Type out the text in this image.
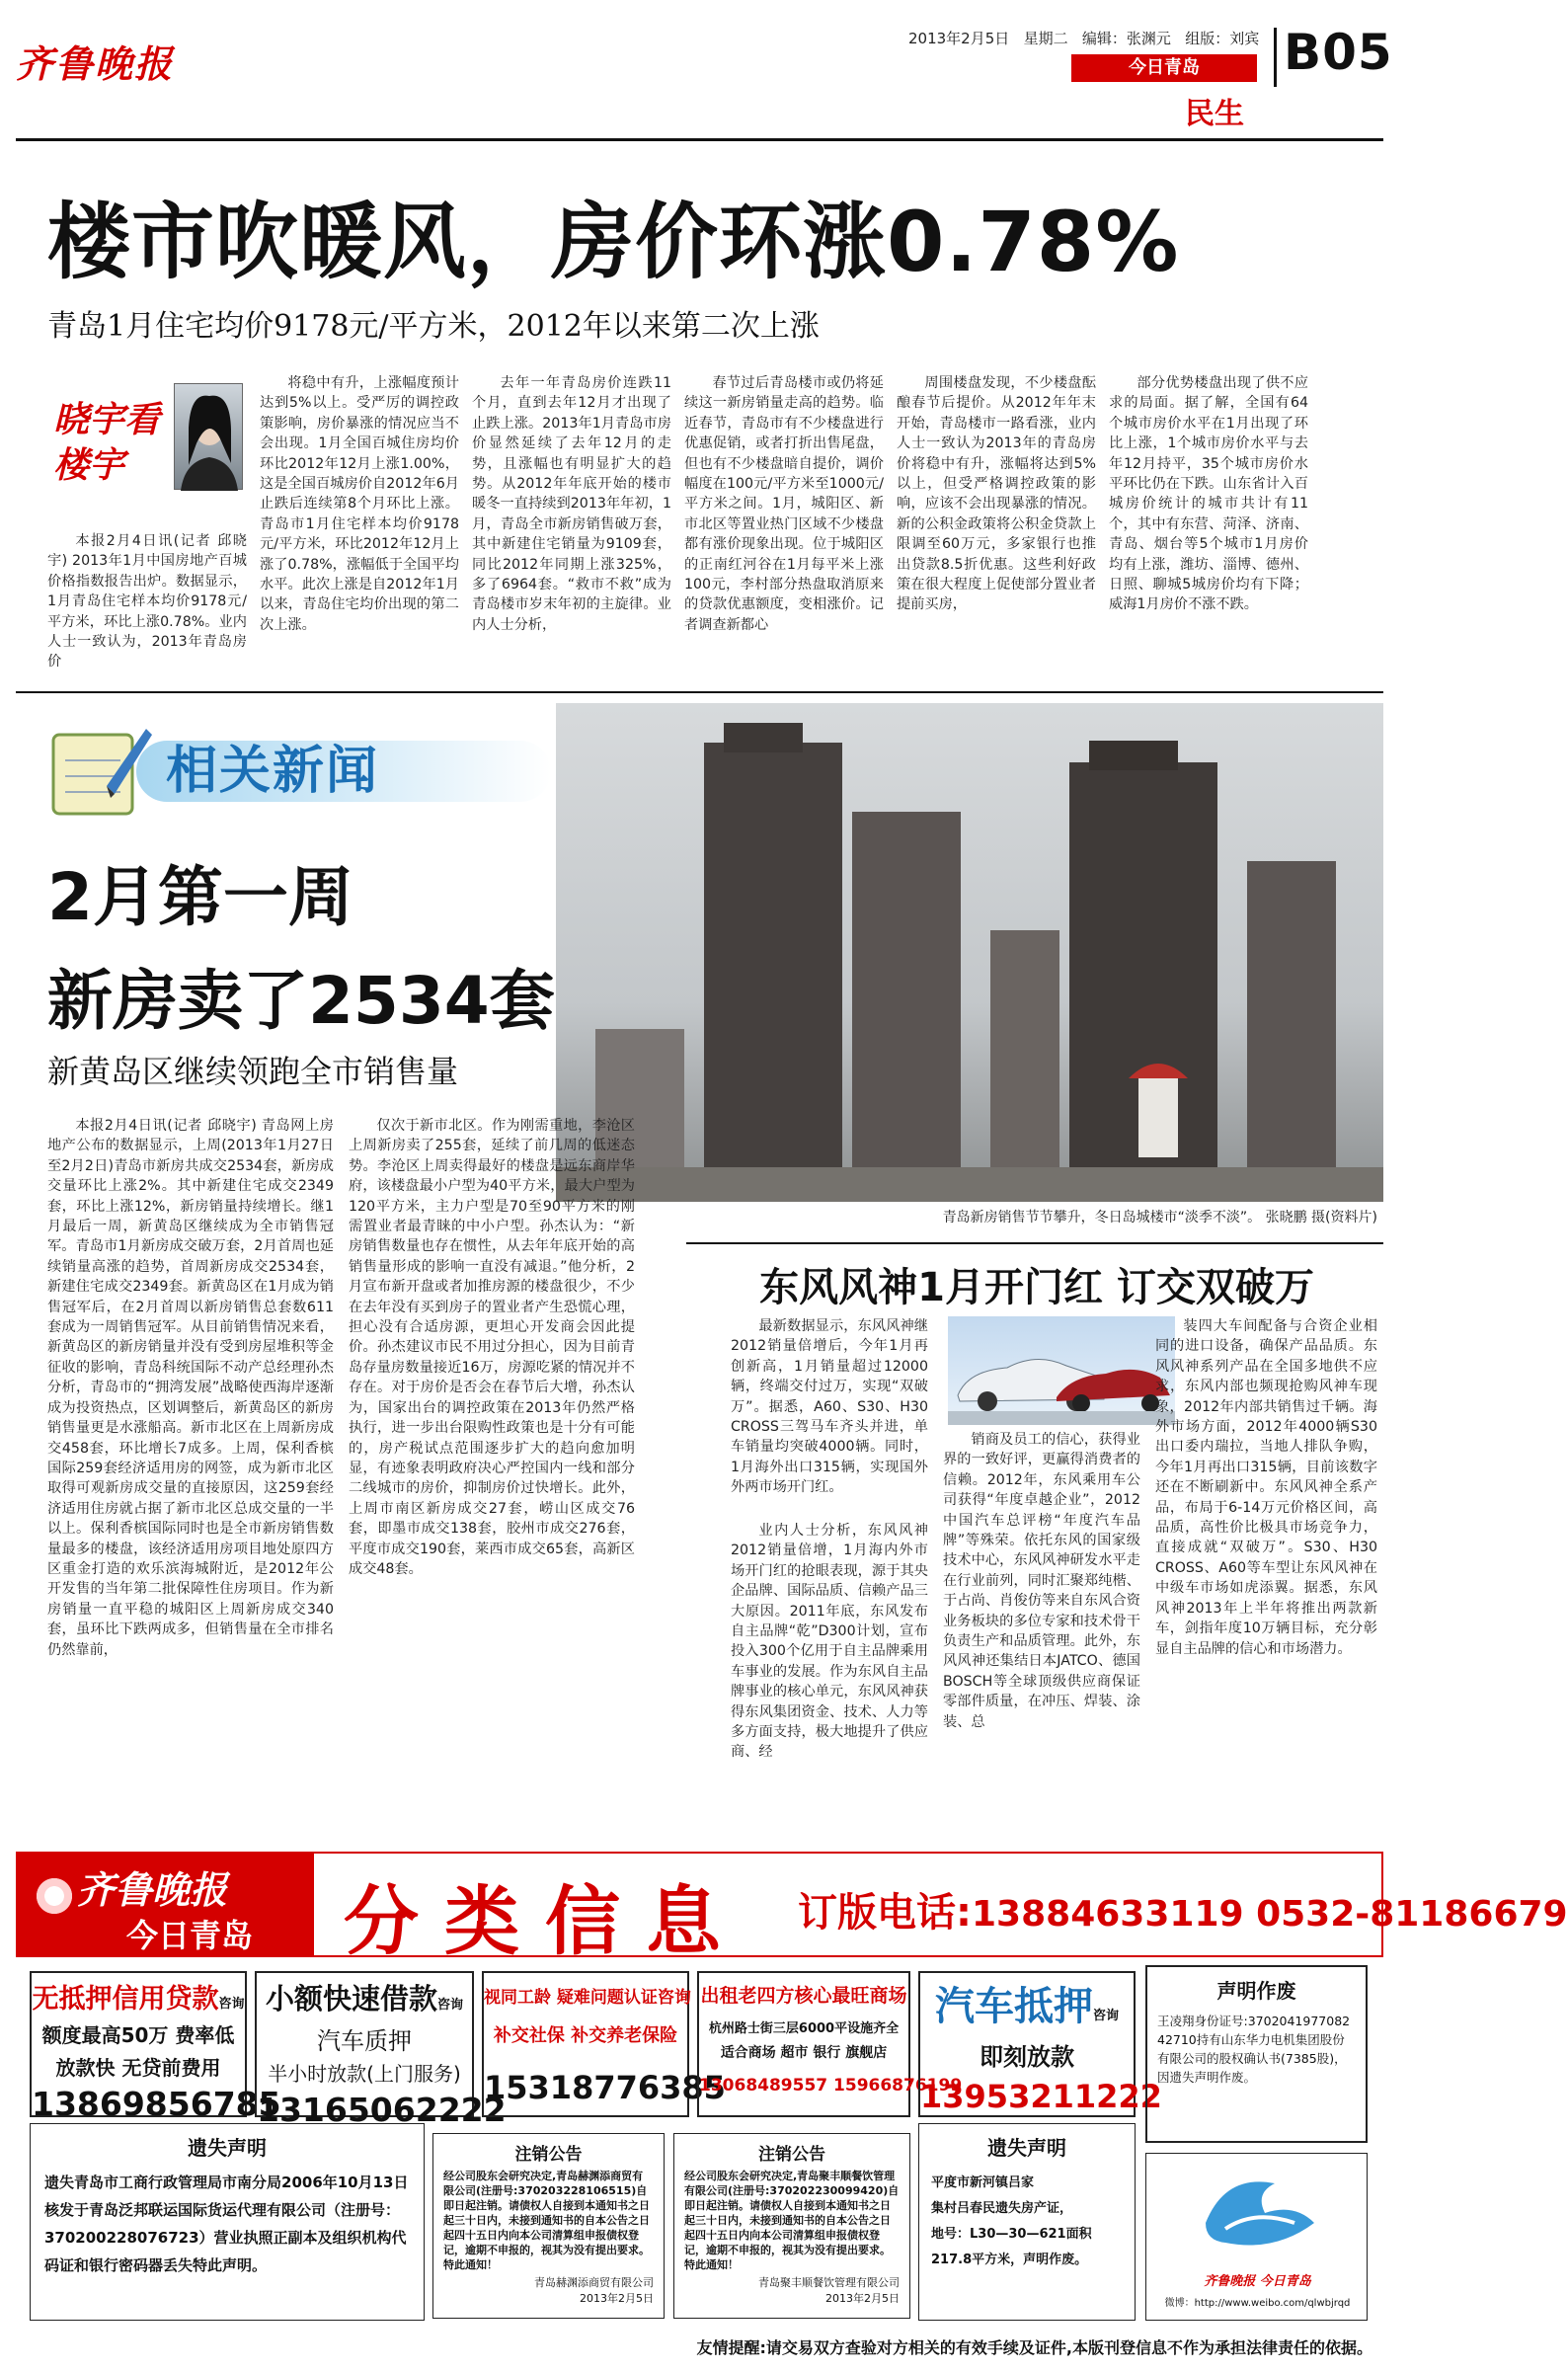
齐鲁晚报
2013年2月5日 星期二 编辑：张渊元 组版：刘宾
今日青岛
民生
B05
楼市吹暖风，房价环涨0.78%
青岛1月住宅均价9178元/平方米，2012年以来第二次上涨
晓宇看楼宇

本报2月4日讯(记者 邱晓宇) 2013年1月中国房地产百城价格指数报告出炉。数据显示，1月青岛住宅样本均价9178元/平方米，环比上涨0.78%。业内人士一致认为，2013年青岛房价

将稳中有升，上涨幅度预计达到5%以上。受严厉的调控政策影响，房价暴涨的情况应当不会出现。1月全国百城住房均价环比2012年12月上涨1.00%，这是全国百城房价自2012年6月止跌后连续第8个月环比上涨。青岛市1月住宅样本均价9178元/平方米，环比2012年12月上涨了0.78%，涨幅低于全国平均水平。此次上涨是自2012年1月以来，青岛住宅均价出现的第二次上涨。

去年一年青岛房价连跌11个月，直到去年12月才出现了止跌上涨。2013年1月青岛市房价显然延续了去年12月的走势，且涨幅也有明显扩大的趋势。从2012年年底开始的楼市暖冬一直持续到2013年年初，1月，青岛全市新房销售破万套，其中新建住宅销量为9109套，同比2012年同期上涨325%，多了6964套。“救市不救”成为青岛楼市岁末年初的主旋律。业内人士分析，

春节过后青岛楼市或仍将延续这一新房销量走高的趋势。临近春节，青岛市有不少楼盘进行优惠促销，或者打折出售尾盘，但也有不少楼盘暗自提价，调价幅度在100元/平方米至1000元/平方米之间。1月，城阳区、新市北区等置业热门区域不少楼盘都有涨价现象出现。位于城阳区的正南红河谷在1月每平米上涨100元，李村部分热盘取消原来的贷款优惠额度，变相涨价。记者调查新都心

周围楼盘发现，不少楼盘酝酿春节后提价。从2012年年末开始，青岛楼市一路看涨，业内人士一致认为2013年的青岛房价将稳中有升，涨幅将达到5%以上，但受严格调控政策的影响，应该不会出现暴涨的情况。新的公积金政策将公积金贷款上限调至60万元，多家银行也推出贷款8.5折优惠。这些利好政策在很大程度上促使部分置业者提前买房，

部分优势楼盘出现了供不应求的局面。据了解，全国有64个城市房价水平在1月出现了环比上涨，1个城市房价水平与去年12月持平，35个城市房价水平环比仍在下跌。山东省计入百城房价统计的城市共计有11个，其中有东营、菏泽、济南、青岛、烟台等5个城市1月房价均有上涨，潍坊、淄博、德州、日照、聊城5城房价均有下降；威海1月房价不涨不跌。

相关新闻
2月第一周
新房卖了2534套
新黄岛区继续领跑全市销售量
青岛新房销售节节攀升，冬日岛城楼市“淡季不淡”。 张晓鹏 摄(资料片)

本报2月4日讯(记者 邱晓宇) 青岛网上房地产公布的数据显示，上周(2013年1月27日至2月2日)青岛市新房共成交2534套，新房成交量环比上涨2%。其中新建住宅成交2349套，环比上涨12%，新房销量持续增长。继1月最后一周，新黄岛区继续成为全市销售冠军。青岛市1月新房成交破万套，2月首周也延续销量高涨的趋势，首周新房成交2534套，新建住宅成交2349套。新黄岛区在1月成为销售冠军后，在2月首周以新房销售总套数611套成为一周销售冠军。从目前销售情况来看，新黄岛区的新房销量并没有受到房屋堆积等金征收的影响，青岛科统国际不动产总经理孙杰分析，青岛市的“拥湾发展”战略使西海岸逐渐成为投资热点，区划调整后，新黄岛区的新房销售量更是水涨船高。新市北区在上周新房成交458套，环比增长7成多。上周，保利香槟国际259套经济适用房的网签，成为新市北区取得可观新房成交量的直接原因，这259套经济适用住房就占据了新市北区总成交量的一半以上。保利香槟国际同时也是全市新房销售数量最多的楼盘，该经济适用房项目地处原四方区重金打造的欢乐滨海城附近，是2012年公开发售的当年第二批保障性住房项目。作为新房销量一直平稳的城阳区上周新房成交340套，虽环比下跌两成多，但销售量在全市排名仍然靠前，

仅次于新市北区。作为刚需重地，李沧区上周新房卖了255套，延续了前几周的低迷态势。李沧区上周卖得最好的楼盘是远东商岸华府，该楼盘最小户型为40平方米，最大户型为120平方米，主力户型是70至90平方米的刚需置业者最青睐的中小户型。孙杰认为：“新房销售数量也存在惯性，从去年年底开始的高销售量形成的影响一直没有减退。”他分析，2月宣布新开盘或者加推房源的楼盘很少，不少在去年没有买到房子的置业者产生恐慌心理，担心没有合适房源，更坦心开发商会因此提价。孙杰建议市民不用过分担心，因为目前青岛存量房数量接近16万，房源吃紧的情况并不存在。对于房价是否会在春节后大增，孙杰认为，国家出台的调控政策在2013年仍然严格执行，进一步出台限购性政策也是十分有可能的，房产税试点范围逐步扩大的趋向愈加明显，有迹象表明政府决心严控国内一线和部分二线城市的房价，抑制房价过快增长。此外，上周市南区新房成交27套，崂山区成交76套，即墨市成交138套，胶州市成交276套，平度市成交190套，莱西市成交65套，高新区成交48套。

东风风神1月开门红 订交双破万

最新数据显示，东风风神继2012销量倍增后，今年1月再创新高，1月销量超过12000辆，终端交付过万，实现“双破万”。据悉，A60、S30、H30 CROSS三驾马车齐头并进，单车销量均突破4000辆。同时，1月海外出口315辆，实现国外外两市场开门红。

业内人士分析，东风风神2012销量倍增，1月海内外市场开门红的抢眼表现，源于其央企品牌、国际品质、信赖产品三大原因。2011年底，东风发布自主品牌“乾”D300计划，宣布投入300个亿用于自主品牌乘用车事业的发展。作为东风自主品牌事业的核心单元，东风风神获得东风集团资金、技术、人力等多方面支持，极大地提升了供应商、经

销商及员工的信心，获得业界的一致好评，更赢得消费者的信赖。2012年，东风乘用车公司获得“年度卓越企业”，2012中国汽车总评榜“年度汽车品牌”等殊荣。依托东风的国家级技术中心，东风风神研发水平走在行业前列，同时汇聚郑纯楷、于占尚、肖俊仿等来自东风合资业务板块的多位专家和技术骨干负责生产和品质管理。此外，东风风神还集结日本JATCO、德国BOSCH等全球顶级供应商保证零部件质量，在冲压、焊装、涂装、总

装四大车间配备与合资企业相同的进口设备，确保产品品质。东风风神系列产品在全国多地供不应求，东风内部也频现抢购风神车现象，2012年内部共销售过千辆。海外市场方面，2012年4000辆S30出口委内瑞拉，当地人排队争购，今年1月再出口315辆，目前该数字还在不断刷新中。东风风神全系产品，布局于6-14万元价格区间，高品质，高性价比极具市场竞争力，直接成就“双破万”。S30、H30 CROSS、A60等车型让东风风神在中级车市场如虎添翼。据悉，东风风神2013年上半年将推出两款新车，剑指年度10万辆目标，充分彰显自主品牌的信心和市场潜力。

齐鲁晚报
今日青岛 分类信息 订版电话:13884633119 0532-81186679
无抵押信用贷款咨询
额度最高50万 费率低
放款快 无贷前费用
13869856785
小额快速借款咨询
汽车质押
半小时放款(上门服务)
13165062222
视同工龄 疑难问题认证咨询
补交社保 补交养老保险
15318776385
出租老四方核心最旺商场
杭州路士街三层6000平设施齐全
适合商场 超市 银行 旗舰店
13068489557 15966876199
汽车抵押咨询
即刻放款
13953211222
声明作废
王凌翔身份证号:37020419770824271​0持有山东华力电机集团股份有限公司的股权确认书(7385股)，因遗失声明作废。
遗失声明
遗失青岛市工商行政管理局市南分局2006年10月13日核发于青岛泛邦联运国际货运代理有限公司（注册号：370200228076723）营业执照正副本及组织机构代码证和银行密码器丢失特此声明。
注销公告
经公司股东会研究决定,青岛赫渊添商贸有限公司(注册号:370203228106515)自即日起注销。请债权人自接到本通知书之日起三十日内，未接到通知书的自本公告之日起四十五日内向本公司清算组申报债权登记，逾期不申报的，视其为没有提出要求。特此通知！
青岛赫渊添商贸有限公司
2013年2月5日
注销公告
经公司股东会研究决定,青岛聚丰顺餐饮管理有限公司(注册号:370202230099420)自即日起注销。请债权人自接到本通知书之日起三十日内，未接到通知书的自本公告之日起四十五日内向本公司清算组申报债权登记，逾期不申报的，视其为没有提出要求。特此通知！
青岛聚丰顺餐饮管理有限公司
2013年2月5日
遗失声明
平度市新河镇吕家
集村吕春民遗失房产证，
地号：L30—30—621面积
217.8平方米，声明作废。
齐鲁晚报 今日青岛
微博：http://www.weibo.com/qlwbjrqd
友情提醒:请交易双方查验对方相关的有效手续及证件,本版刊登信息不作为承担法律责任的依据。
